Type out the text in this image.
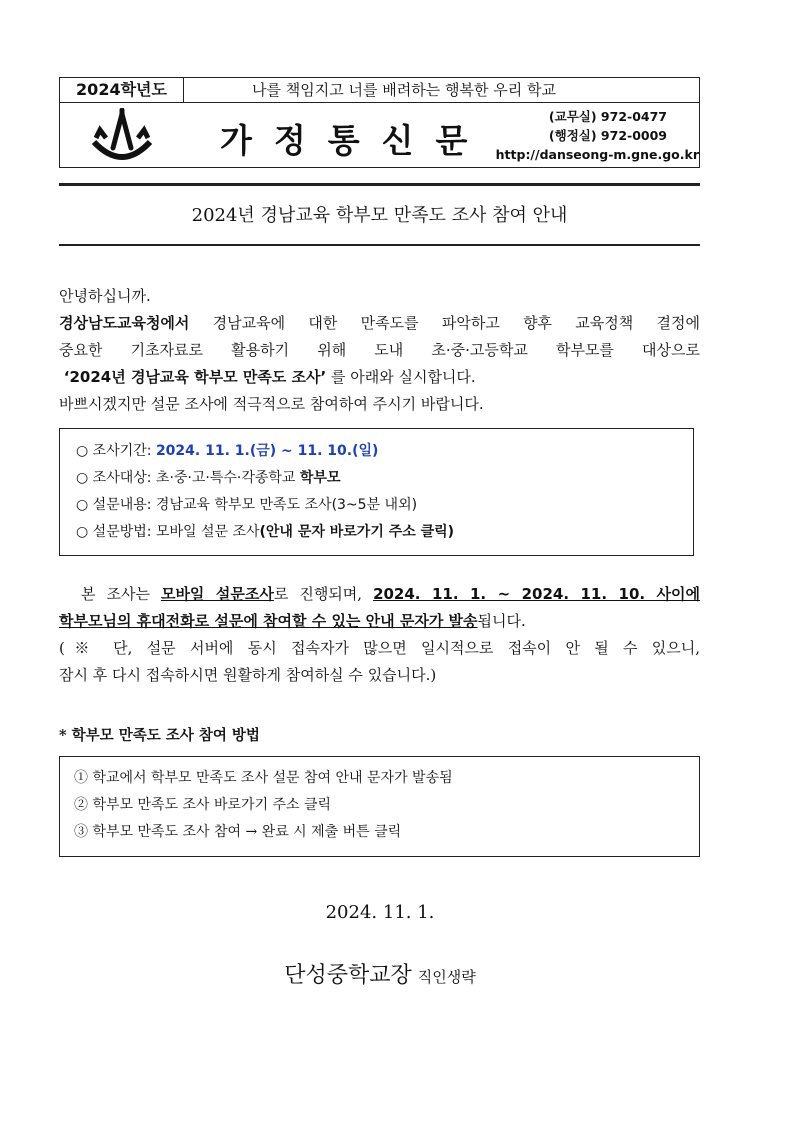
2024학년도	나를 책임지고 너를 배려하는 행복한 우리 학교
가정통신문
(교무실) 972-0477
(행정실) 972-0009
http://danseong-m.gne.go.kr
2024년 경남교육 학부모 만족도 조사 참여 안내
안녕하십니까.
경상남도교육청에서 경남교육에 대한 만족도를 파악하고 향후 교육정책 결정에
중요한 기초자료로 활용하기 위해 도내 초·중·고등학교 학부모를 대상으로
‘2024년 경남교육 학부모 만족도 조사’ 를 아래와 실시합니다.
바쁘시겠지만 설문 조사에 적극적으로 참여하여 주시기 바랍니다.
○ 조사기간: 2024. 11. 1.(금) ~ 11. 10.(일)
○ 조사대상: 초·중·고·특수·각종학교 학부모
○ 설문내용: 경남교육 학부모 만족도 조사(3~5분 내외)
○ 설문방법: 모바일 설문 조사(안내 문자 바로가기 주소 클릭)
본 조사는 모바일 설문조사로 진행되며, 2024. 11. 1. ~ 2024. 11. 10. 사이에
학부모님의 휴대전화로 설문에 참여할 수 있는 안내 문자가 발송됩니다.
(※ 단, 설문 서버에 동시 접속자가 많으면 일시적으로 접속이 안 될 수 있으니,
잠시 후 다시 접속하시면 원활하게 참여하실 수 있습니다.)
* 학부모 만족도 조사 참여 방법
① 학교에서 학부모 만족도 조사 설문 참여 안내 문자가 발송됨
② 학부모 만족도 조사 바로가기 주소 클릭
③ 학부모 만족도 조사 참여 → 완료 시 제출 버튼 클릭
2024. 11. 1.
단성중학교장 직인생략
